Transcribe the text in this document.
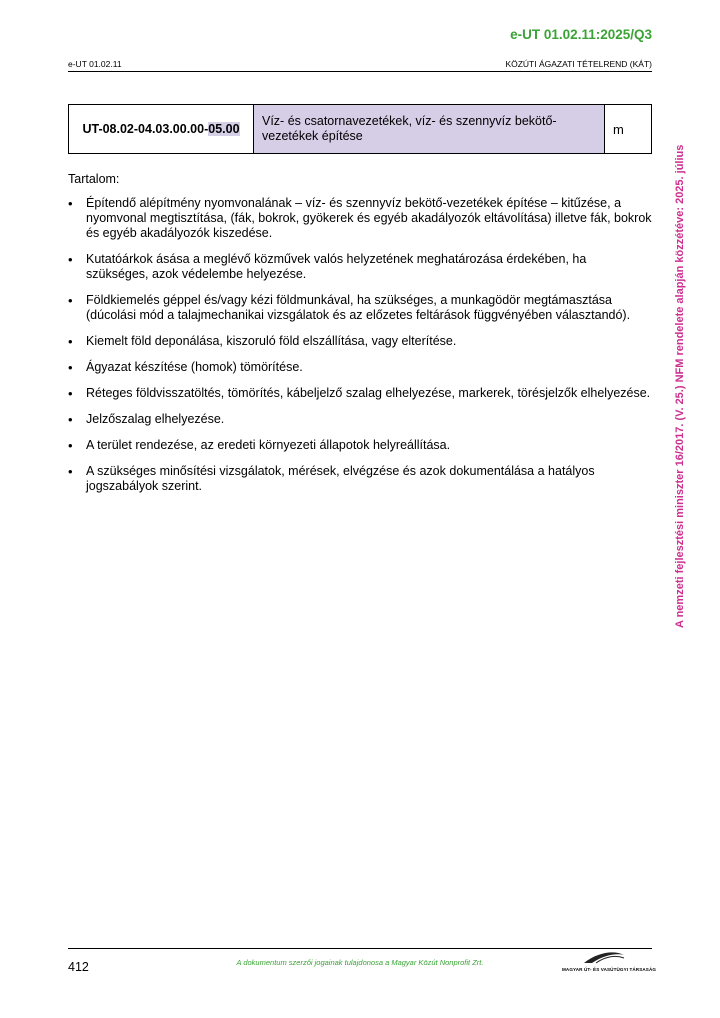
e-UT 01.02.11:2025/Q3
e-UT 01.02.11	KÖZÚTI ÁGAZATI TÉTELREND (KÁT)
UT-08.02-04.03.00.00-05.00	Víz- és csatornavezetékek, víz- és szennyvíz bekötő-vezetékek építése	m
Tartalom:
• Építendő alépítmény nyomvonalának – víz- és szennyvíz bekötő-vezetékek építése – kitűzése, a nyomvonal megtisztítása, (fák, bokrok, gyökerek és egyéb akadályozók eltávolítása) illetve fák, bokrok és egyéb akadályozók kiszedése.
• Kutatóárkok ásása a meglévő közművek valós helyzetének meghatározása érdekében, ha szükséges, azok védelembe helyezése.
• Földkiemelés géppel és/vagy kézi földmunkával, ha szükséges, a munkagödör megtámasztása (dúcolási mód a talajmechanikai vizsgálatok és az előzetes feltárások függvényében választandó).
• Kiemelt föld deponálása, kiszoruló föld elszállítása, vagy elterítése.
• Ágyazat készítése (homok) tömörítése.
• Réteges földvisszatöltés, tömörítés, kábeljelző szalag elhelyezése, markerek, törésjelzők elhelyezése.
• Jelzőszalag elhelyezése.
• A terület rendezése, az eredeti környezeti állapotok helyreállítása.
• A szükséges minősítési vizsgálatok, mérések, elvégzése és azok dokumentálása a hatályos jogszabályok szerint.	A nemzeti fejlesztési miniszter 16/2017. (V. 25.) NFM rendelete alapján közzétéve: 2025. július
412	A dokumentum szerzői jogainak tulajdonosa a Magyar Közút Nonprofit Zrt.
MAGYAR ÚT- ÉS VASÚTÜGYI TÁRSASÁG
